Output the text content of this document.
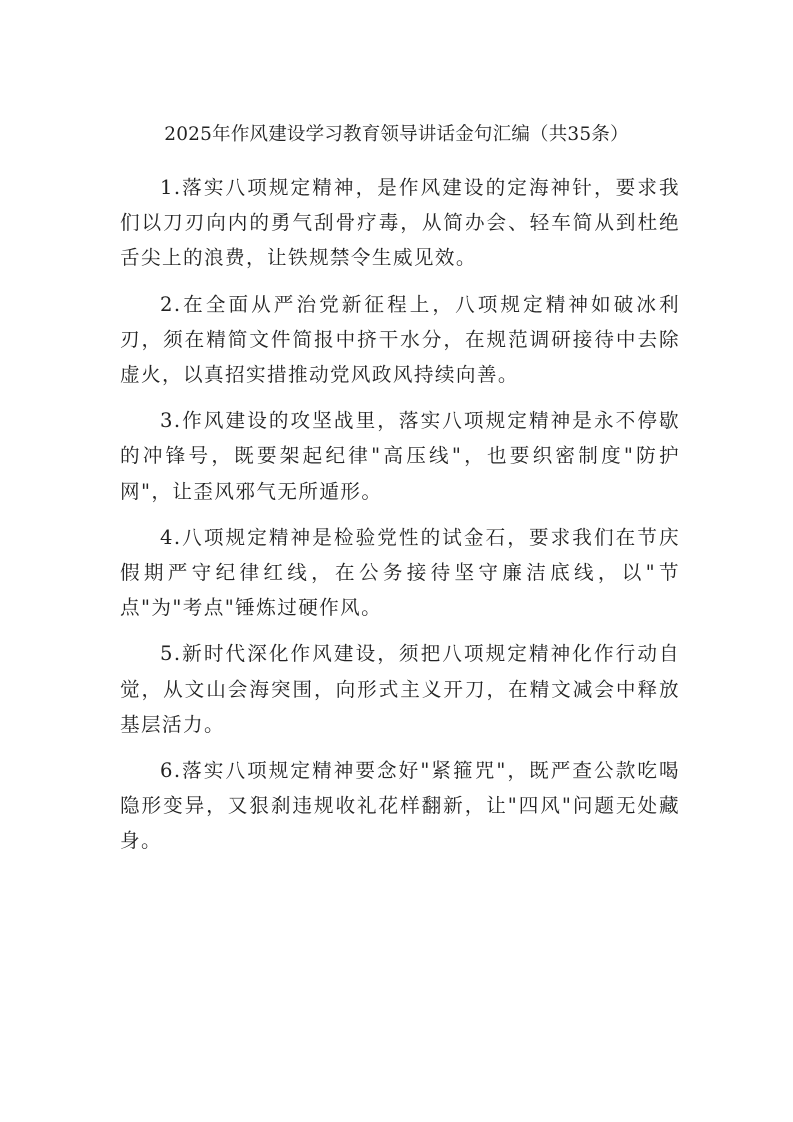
2025年作风建设学习教育领导讲话金句汇编（共35条）

1.落实八项规定精神，是作风建设的定海神针，要求我们以刀刃向内的勇气刮骨疗毒，从简办会、轻车简从到杜绝舌尖上的浪费，让铁规禁令生威见效。

2.在全面从严治党新征程上，八项规定精神如破冰利刃，须在精简文件简报中挤干水分，在规范调研接待中去除虚火，以真招实措推动党风政风持续向善。

3.作风建设的攻坚战里，落实八项规定精神是永不停歇的冲锋号，既要架起纪律"高压线"，也要织密制度"防护网"，让歪风邪气无所遁形。

4.八项规定精神是检验党性的试金石，要求我们在节庆假期严守纪律红线，在公务接待坚守廉洁底线，以"节点"为"考点"锤炼过硬作风。

5.新时代深化作风建设，须把八项规定精神化作行动自觉，从文山会海突围，向形式主义开刀，在精文减会中释放基层活力。

6.落实八项规定精神要念好"紧箍咒"，既严查公款吃喝隐形变异，又狠刹违规收礼花样翻新，让"四风"问题无处藏身。
